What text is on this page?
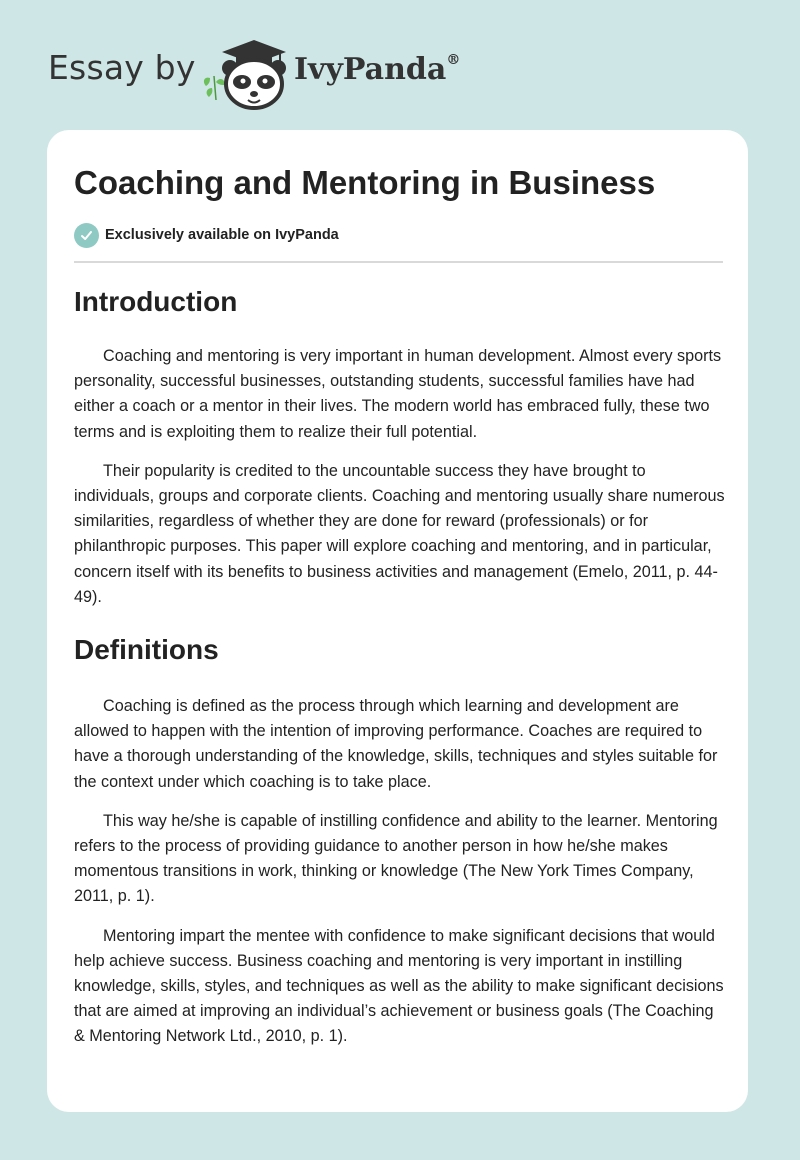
Essay by	IvyPanda®
Coaching and Mentoring in Business
Exclusively available on IvyPanda
Introduction

Coaching and mentoring is very important in human development. Almost every sports personality, successful businesses, outstanding students, successful families have had either a coach or a mentor in their lives. The modern world has embraced fully, these two terms and is exploiting them to realize their full potential.

Their popularity is credited to the uncountable success they have brought to individuals, groups and corporate clients. Coaching and mentoring usually share numerous similarities, regardless of whether they are done for reward (professionals) or for philanthropic purposes. This paper will explore coaching and mentoring, and in particular, concern itself with its benefits to business activities and management (Emelo, 2011, p. 44-49).

Definitions

Coaching is defined as the process through which learning and development are allowed to happen with the intention of improving performance. Coaches are required to have a thorough understanding of the knowledge, skills, techniques and styles suitable for the context under which coaching is to take place.

This way he/she is capable of instilling confidence and ability to the learner. Mentoring refers to the process of providing guidance to another person in how he/she makes momentous transitions in work, thinking or knowledge (The New York Times Company, 2011, p. 1).

Mentoring impart the mentee with confidence to make significant decisions that would help achieve success. Business coaching and mentoring is very important in instilling knowledge, skills, styles, and techniques as well as the ability to make significant decisions that are aimed at improving an individual’s achievement or business goals (The Coaching & Mentoring Network Ltd., 2010, p. 1).
